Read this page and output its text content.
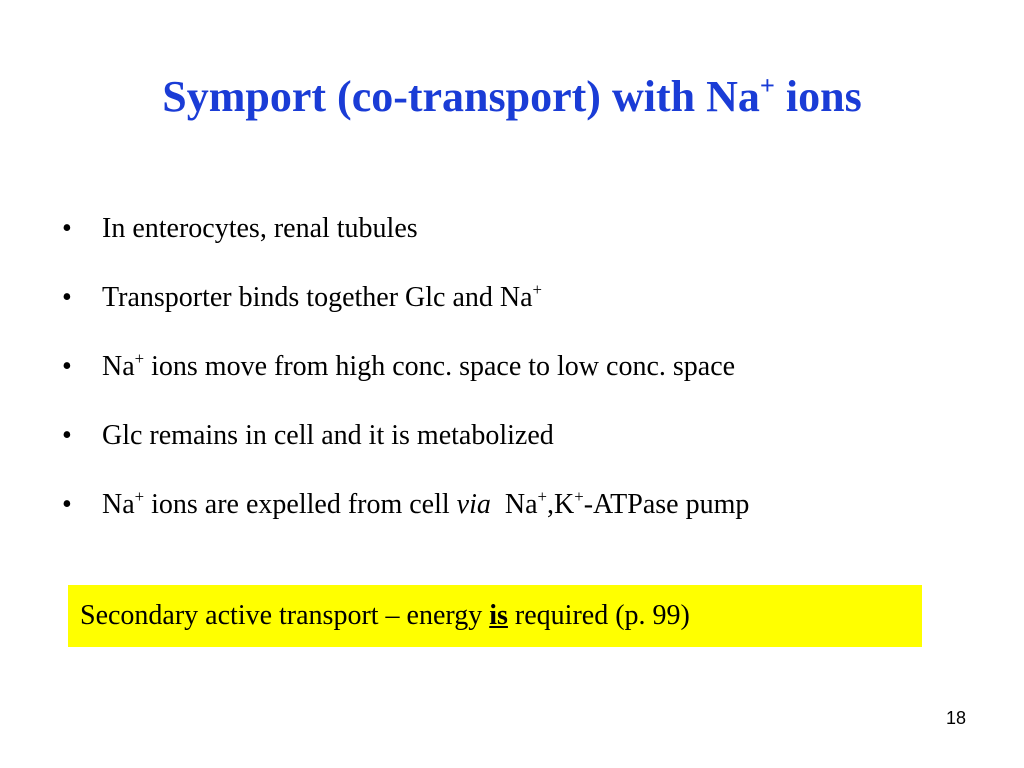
Symport (co-transport) with Na+ ions
•	In enterocytes, renal tubules
•	Transporter binds together Glc and Na+
•	Na+ ions move from high conc. space to low conc. space
•	Glc remains in cell and it is metabolized
•	Na+ ions are expelled from cell via  Na+,K+-ATPase pump
Secondary active transport – energy is required (p. 99)
18
